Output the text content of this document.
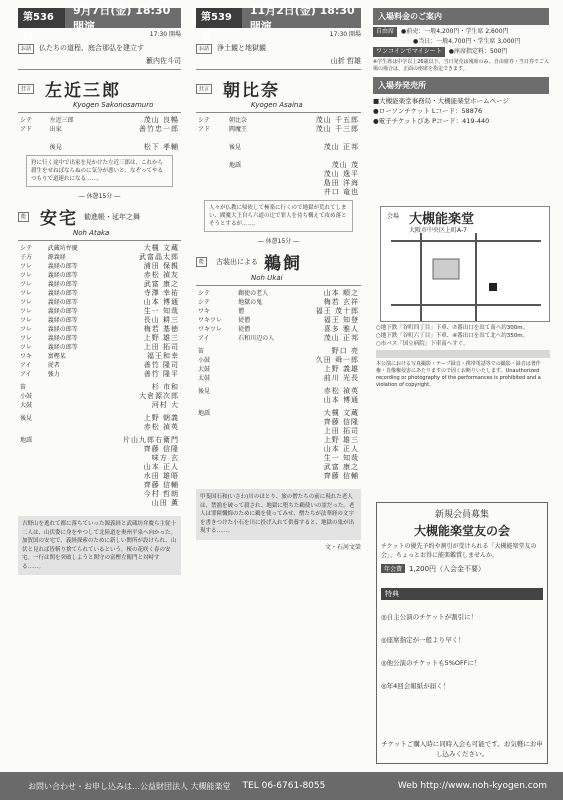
第536回
9月7日(金) 18:30開演
17:30 開場
お話	仏たちの道程、庭合那弘を建立す
籔内佐斗司
狂言 左近三郎
Kyogen Sakonosamuro
シテ	左近三郎	茂山 良暢
アド	出家	善竹忠一郎

	後見	松下 孝輔
狩に行く途中で出家を見かけた左近三郎は、これから殺生をせねばならぬのに気分が悪いと、なぞってやるつもりで道連れになる……。
― 休憩15分 ―
能 安宅 勧進帳・延年之舞
Noh Ataka
シテ	武蔵坊弁慶	大槻 文蔵
子方	源義経	武富晶太郎
ツレ	義経の郎等	浦田 保親
ツレ	義経の郎等	赤松 禎友
ツレ	義経の郎等	武富 康之
ツレ	義経の郎等	寺澤 幸祐
ツレ	義経の郎等	山本 博通
ツレ	義経の郎等	生一 知哉
ツレ	義経の郎等	長山 耕三
ツレ	義経の郎等	梅若 基徳
ツレ	義経の郎等	上野 雄三
ツレ	義経の郎等	上田 拓司
ワキ	富樫某	福王和幸
アイ	従者	善竹 隆司
アイ	強力	善竹 隆平
笛	杉 市和
小鼓	大倉源次郎
大鼓	河村 大
後見	上野 朝義
	赤松 禎英
地謡	片山九郎右衛門
	齊藤 信隆
	味方 玄
	山本 正人
	水田 雄晤
	齊藤 信輔
	今村 哲朗
	山田 薫
吉野山を逃れて都に落ちていった源義経と武蔵坊弁慶ら主従十二人は、山伏姿に身をやつして北陸道を奥州平泉へ向かった。加賀国の安宅で、義経探索のために新しい関所が設けられ、山伏と見れば皆斬り捨てられているという。桜の花咲く春の安宅。一行は関を突破しようと関守の富樫左衛門と対峙する……。
第539回
11月2日(金) 18:30開演
17:30 開場
お話	浄土観と地獄観
山折 哲雄
狂言 朝比奈
Kyogen Asaina
シテ	朝比奈	茂山 千五郎
アド	閻魔王	茂山 千三郎

	後見	茂山 正邦

	地謡	茂山 茂
		茂山 逸平
		島田 洋海
		井口 竜也
人々が仏教に帰依して極楽に行くので地獄が荒れてしまい、閻魔大王自ら六道の辻で罪人を待ち構えて攻め落とそうとするが……。
― 休憩15分 ―
能	古装出による 鵜飼
Noh Ukai
シテ	鵜使の老人	山本 順之
シテ	地獄の鬼	梅若 玄祥
ワキ	僧	福王 茂十郎
ワキツレ	従僧	福王 知登
ワキツレ	従僧	喜多 雅人
アイ	石和川辺の人	茂山 正邦
笛	野口 亮
小鼓	久田 舜一郎
大鼓	上野 義雄
太鼓	前川 光長
後見	赤松 禎英
	山本 博通
地謡	大槻 文蔵
	齊藤 信隆
	上田 拓司
	上野 雄三
	山本 正人
	生一 知哉
	武富 康之
	齊藤 信輔
甲斐国石和(いさわ)川のほとり、旅の僧たちの前に現れた老人は、禁漁を破って殺され、地獄に堕ちた鵜使いの霊だった。老人は罪障懺悔のために鵜を使ってみせ、僧たちが法華経の文字を書きつけた小石を川に投げ入れて供養すると、地獄の鬼が出現する……。
文・石河文榮
入場料金のご案内
自由席	●前売：一般4,200円・学生席 2,600円
●当日：一般4,700円・学生席 3,000円
ワンコインでマイシート	●座席指定料：500円
※学生席は中学以上26歳以下。当日発売は残席のみ。自由席券・当日券でご入場の場合は、正面の座席を指定できます。
入場券発売所
■大槻能楽堂事務局・大槻能楽堂ホームページ
●ローソンチケット Lコード：58876
●電子チケットぴあ Pコード：419-440
会場 大槻能楽堂
大阪市中央区上町A-7
○地下鉄「谷町四丁目」下車、⑦番出口を出て南へ約300m。
○地下鉄「谷町六丁目」下車、④番出口を出て北へ約350m。
○市バス「国立病院」下車南へすぐ。
本公演における写真撮影・テープ録音・携帯電話等での撮影・録音は著作権・肖像権侵害にあたりますので固くお断りいたします。Unauthorized recording or photography of the performances is prohibited and a violation of copyright.
新規会員募集
大槻能楽堂友の会
チケットの優先予約や割引が受けられる「大槻能楽堂友の会」、ちょっとお得に能楽鑑賞しませんか。
年会費 1,200円（入会金不要）
特典
◎自主公演のチケットが割引に！
◎座席指定が一般より早く！
◎他公演のチケットも5%OFFに！
◎年4回会報紙が届く！
チケットご購入時に同時入会も可能です。お気軽にお申し込みください。
お問い合わせ・お申し込みは…公益財団法人 大槻能楽堂 TEL 06-6761-8055	Web http://www.noh-kyogen.com
